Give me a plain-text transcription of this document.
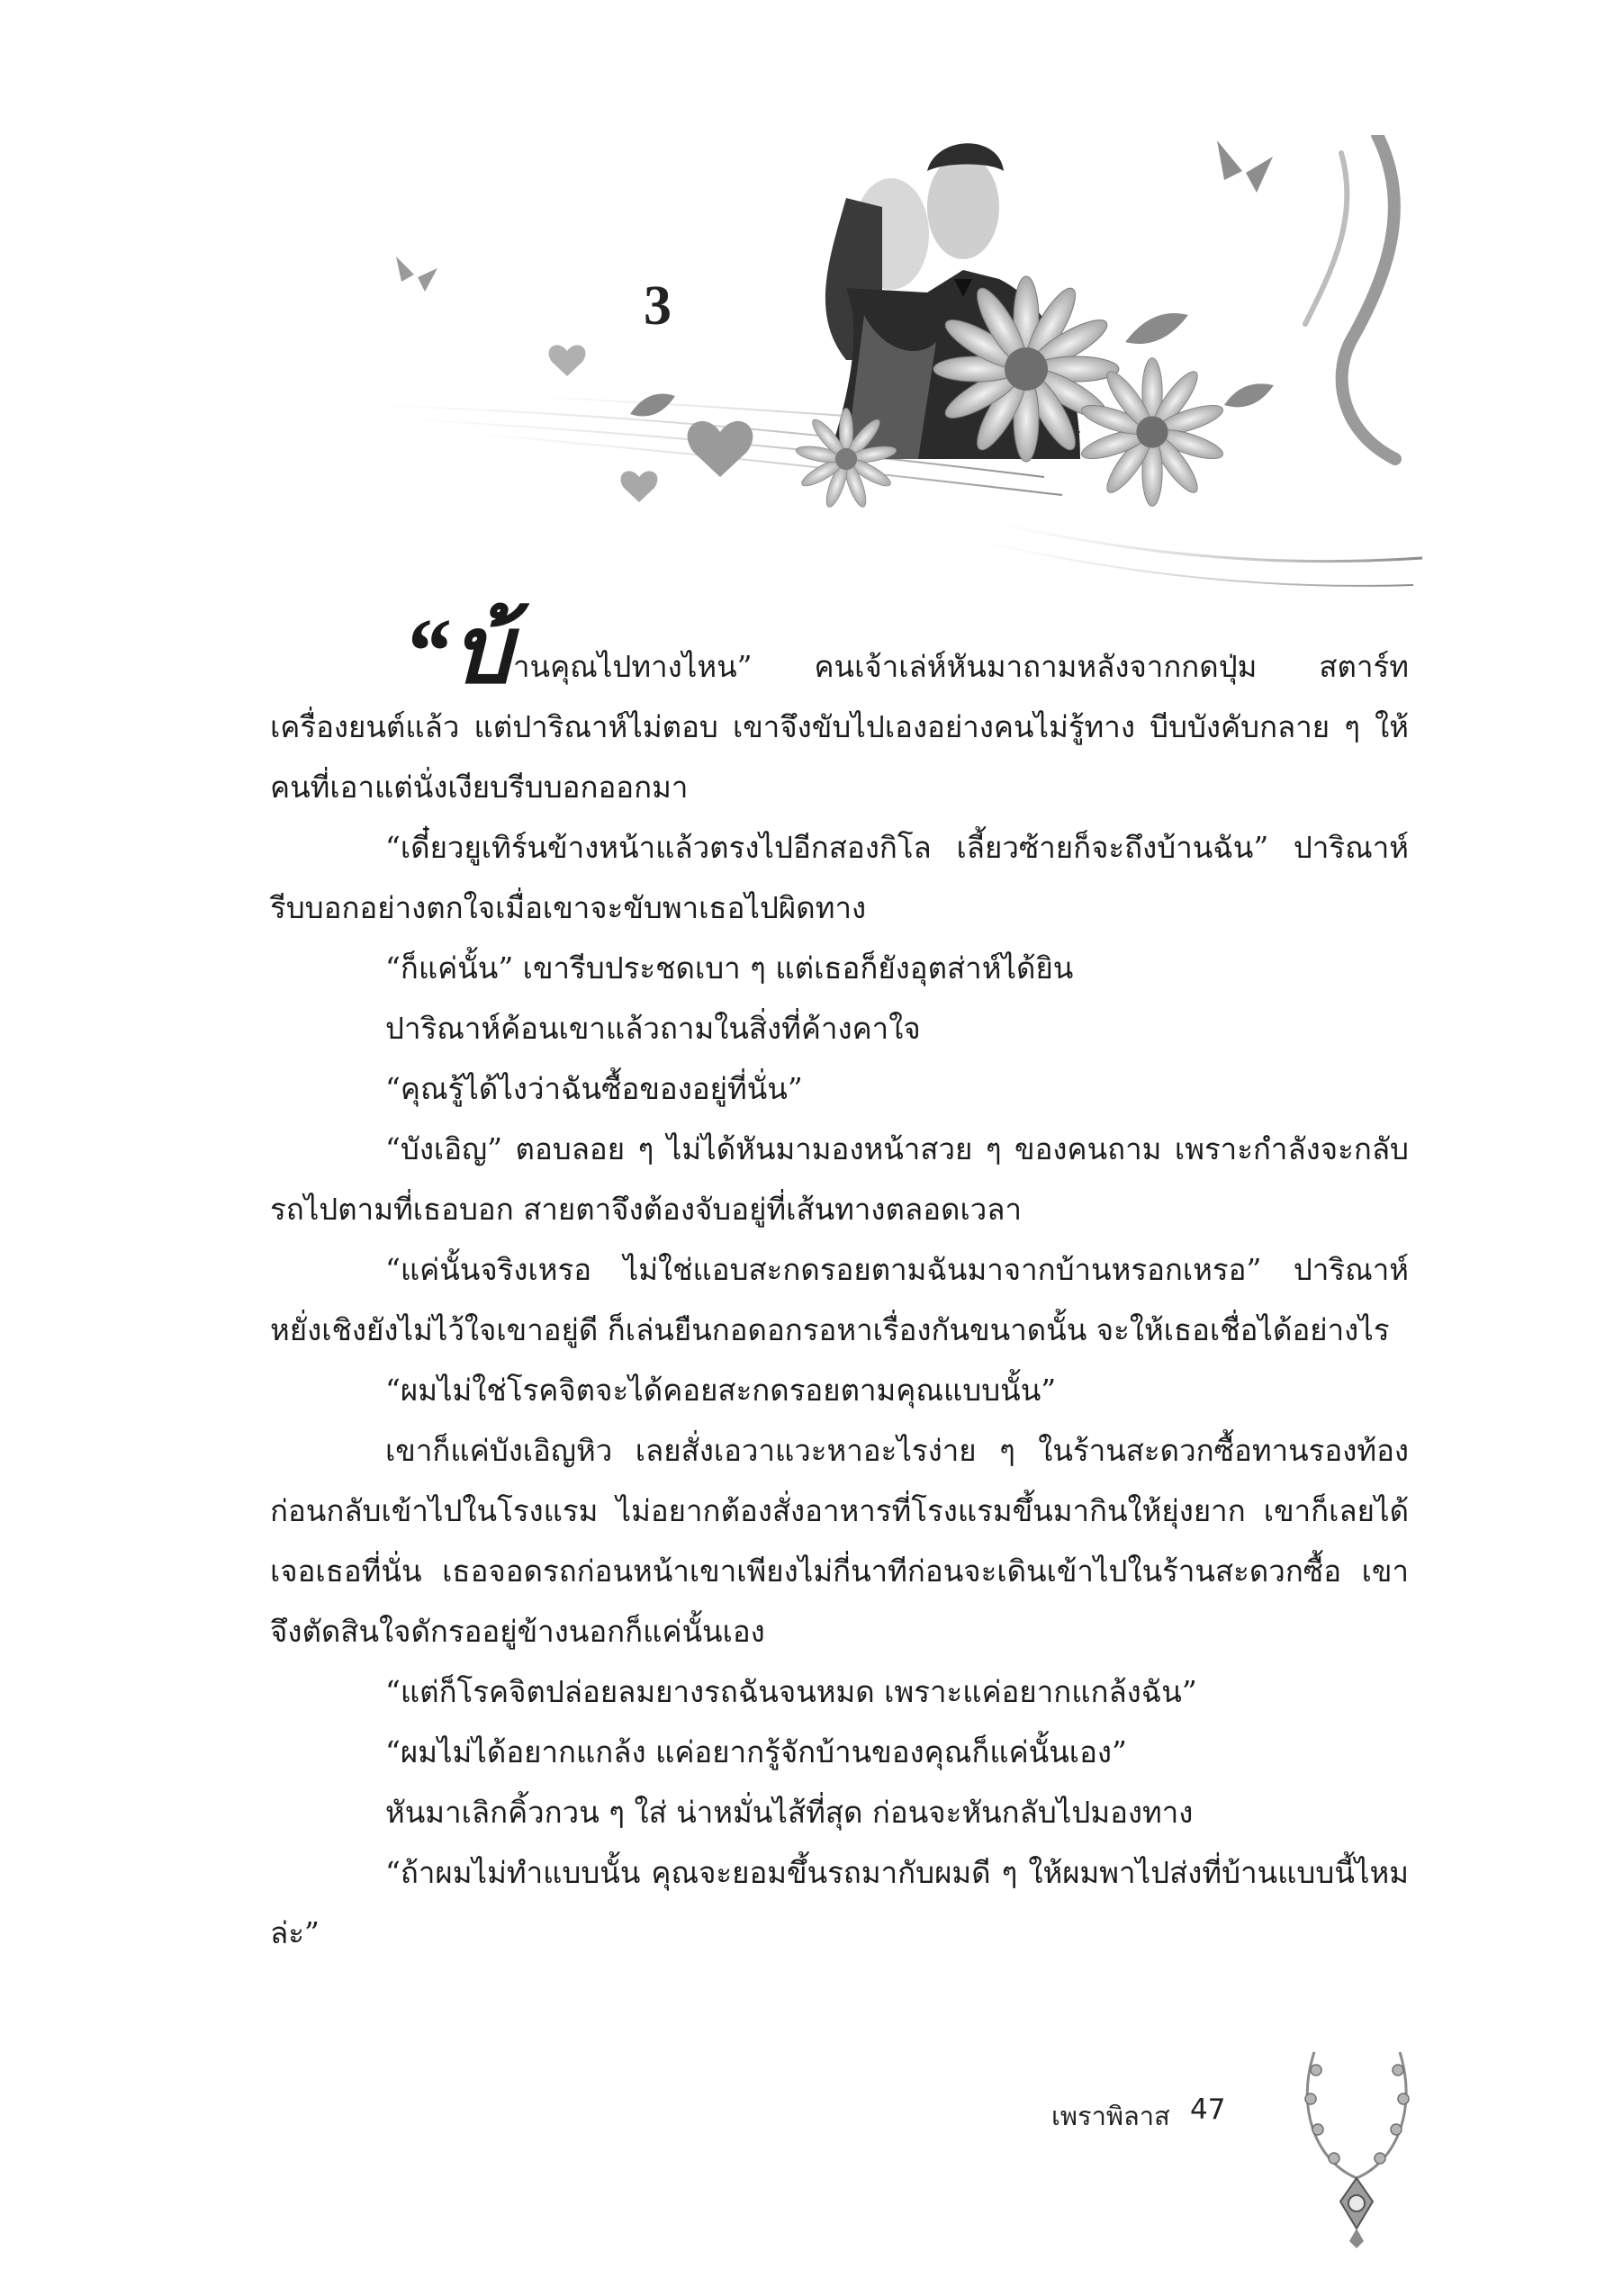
3

“บ้านคุณไปทางไหน” คนเจ้าเล่ห์หันมาถามหลังจากกดปุ่ม สตาร์ทเครื่องยนต์แล้ว แต่ปาริณาห์ไม่ตอบ เขาจึงขับไปเองอย่างคนไม่รู้ทาง บีบบังคับกลาย ๆ ให้คนที่เอาแต่นั่งเงียบรีบบอกออกมา

“เดี๋ยวยูเทิร์นข้างหน้าแล้วตรงไปอีกสองกิโล เลี้ยวซ้ายก็จะถึงบ้านฉัน” ปาริณาห์รีบบอกอย่างตกใจเมื่อเขาจะขับพาเธอไปผิดทาง

“ก็แค่นั้น” เขารีบประชดเบา ๆ แต่เธอก็ยังอุตส่าห์ได้ยิน

ปาริณาห์ค้อนเขาแล้วถามในสิ่งที่ค้างคาใจ

“คุณรู้ได้ไงว่าฉันซื้อของอยู่ที่นั่น”

“บังเอิญ” ตอบลอย ๆ ไม่ได้หันมามองหน้าสวย ๆ ของคนถาม เพราะกำลังจะกลับรถไปตามที่เธอบอก สายตาจึงต้องจับอยู่ที่เส้นทางตลอดเวลา

“แค่นั้นจริงเหรอ ไม่ใช่แอบสะกดรอยตามฉันมาจากบ้านหรอกเหรอ” ปาริณาห์หยั่งเชิงยังไม่ไว้ใจเขาอยู่ดี ก็เล่นยืนกอดอกรอหาเรื่องกันขนาดนั้น จะให้เธอเชื่อได้อย่างไร

“ผมไม่ใช่โรคจิตจะได้คอยสะกดรอยตามคุณแบบนั้น”

เขาก็แค่บังเอิญหิว เลยสั่งเอวาแวะหาอะไรง่าย ๆ ในร้านสะดวกซื้อทานรองท้องก่อนกลับเข้าไปในโรงแรม ไม่อยากต้องสั่งอาหารที่โรงแรมขึ้นมากินให้ยุ่งยาก เขาก็เลยได้เจอเธอที่นั่น เธอจอดรถก่อนหน้าเขาเพียงไม่กี่นาทีก่อนจะเดินเข้าไปในร้านสะดวกซื้อ เขาจึงตัดสินใจดักรออยู่ข้างนอกก็แค่นั้นเอง

“แต่ก็โรคจิตปล่อยลมยางรถฉันจนหมด เพราะแค่อยากแกล้งฉัน”

“ผมไม่ได้อยากแกล้ง แค่อยากรู้จักบ้านของคุณก็แค่นั้นเอง”

หันมาเลิกคิ้วกวน ๆ ใส่ น่าหมั่นไส้ที่สุด ก่อนจะหันกลับไปมองทาง

“ถ้าผมไม่ทำแบบนั้น คุณจะยอมขึ้นรถมากับผมดี ๆ ให้ผมพาไปส่งที่บ้านแบบนี้ไหมล่ะ”

เพราพิลาส 47
